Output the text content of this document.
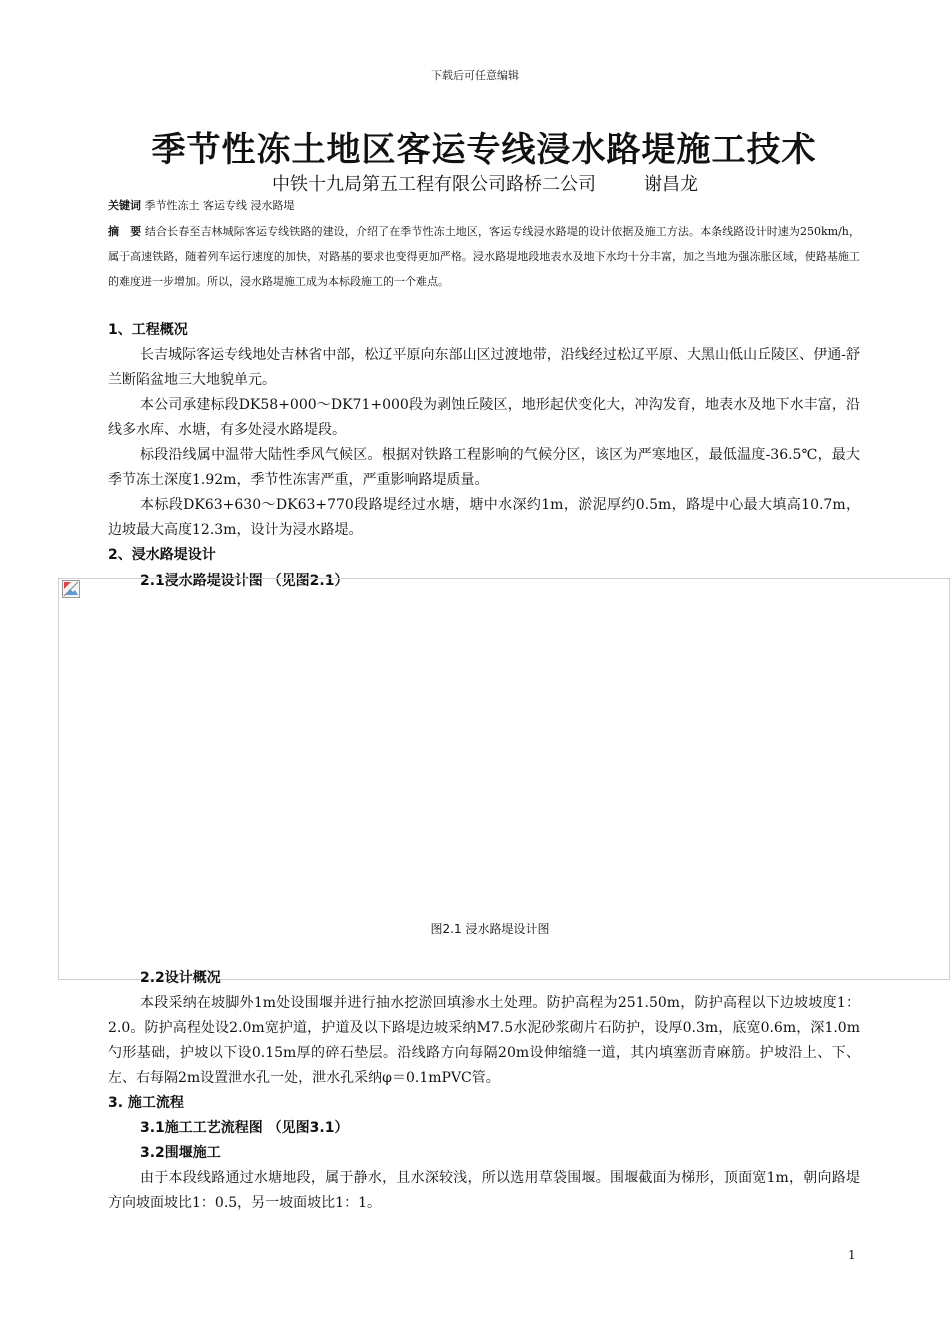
下载后可任意编辑
季节性冻土地区客运专线浸水路堤施工技术
中铁十九局第五工程有限公司路桥二公司	谢昌龙
关键词 季节性冻土 客运专线 浸水路堤
摘　要 结合长春至吉林城际客运专线铁路的建设，介绍了在季节性冻土地区，客运专线浸水路堤的设计依据及施工方法。本条线路设计时速为250km/h，属于高速铁路，随着列车运行速度的加快，对路基的要求也变得更加严格。浸水路堤地段地表水及地下水均十分丰富，加之当地为强冻胀区域，使路基施工的难度进一步增加。所以，浸水路堤施工成为本标段施工的一个难点。
1、工程概况

长吉城际客运专线地处吉林省中部，松辽平原向东部山区过渡地带，沿线经过松辽平原、大黑山低山丘陵区、伊通-舒兰断陷盆地三大地貌单元。

本公司承建标段DK58+000～DK71+000段为剥蚀丘陵区，地形起伏变化大，冲沟发育，地表水及地下水丰富，沿线多水库、水塘，有多处浸水路堤段。

标段沿线属中温带大陆性季风气候区。根据对铁路工程影响的气候分区，该区为严寒地区，最低温度-36.5℃，最大季节冻土深度1.92m，季节性冻害严重，严重影响路堤质量。

本标段DK63+630～DK63+770段路堤经过水塘，塘中水深约1m，淤泥厚约0.5m，路堤中心最大填高10.7m，边坡最大高度12.3m，设计为浸水路堤。

2、浸水路堤设计
2.1浸水路堤设计图 （见图2.1）
图2.1 浸水路堤设计图
2.2设计概况

本段采纳在坡脚外1m处设围堰并进行抽水挖淤回填渗水土处理。防护高程为251.50m，防护高程以下边坡坡度1：2.0。防护高程处设2.0m宽护道，护道及以下路堤边坡采纳M7.5水泥砂浆砌片石防护，设厚0.3m，底宽0.6m，深1.0m勺形基础，护坡以下设0.15m厚的碎石垫层。沿线路方向每隔20m设伸缩缝一道，其内填塞沥青麻筋。护坡沿上、下、左、右每隔2m设置泄水孔一处，泄水孔采纳φ＝0.1mPVC管。

3. 施工流程
3.1施工工艺流程图 （见图3.1）
3.2围堰施工

由于本段线路通过水塘地段，属于静水，且水深较浅，所以选用草袋围堰。围堰截面为梯形，顶面宽1m，朝向路堤方向坡面坡比1：0.5，另一坡面坡比1：1。

1
